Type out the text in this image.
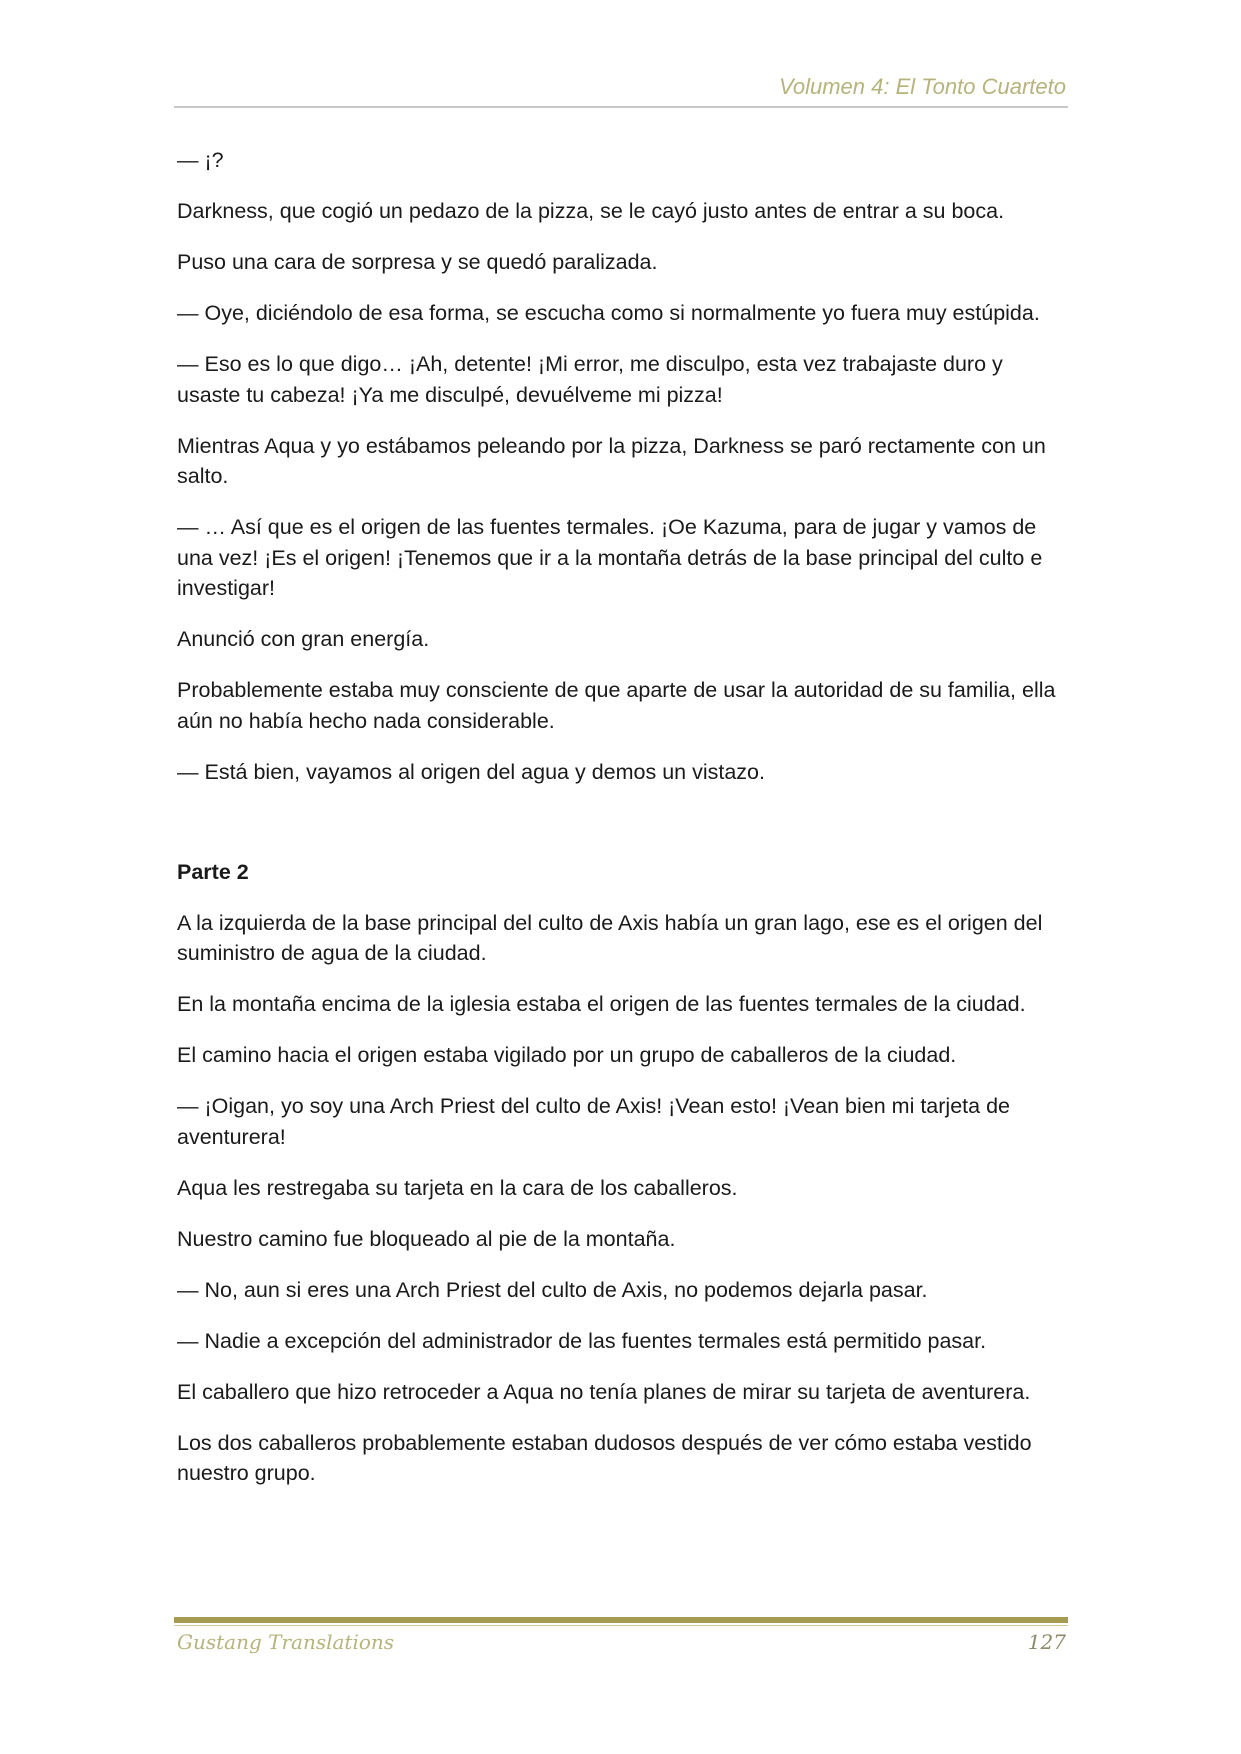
Volumen 4: El Tonto Cuarteto

— ¡?

Darkness, que cogió un pedazo de la pizza, se le cayó justo antes de entrar a su boca.

Puso una cara de sorpresa y se quedó paralizada.

— Oye, diciéndolo de esa forma, se escucha como si normalmente yo fuera muy estúpida.

— Eso es lo que digo… ¡Ah, detente! ¡Mi error, me disculpo, esta vez trabajaste duro y usaste tu cabeza! ¡Ya me disculpé, devuélveme mi pizza!

Mientras Aqua y yo estábamos peleando por la pizza, Darkness se paró rectamente con un salto.

— … Así que es el origen de las fuentes termales. ¡Oe Kazuma, para de jugar y vamos de una vez! ¡Es el origen! ¡Tenemos que ir a la montaña detrás de la base principal del culto e investigar!

Anunció con gran energía.

Probablemente estaba muy consciente de que aparte de usar la autoridad de su familia, ella aún no había hecho nada considerable.

— Está bien, vayamos al origen del agua y demos un vistazo.

Parte 2

A la izquierda de la base principal del culto de Axis había un gran lago, ese es el origen del suministro de agua de la ciudad.

En la montaña encima de la iglesia estaba el origen de las fuentes termales de la ciudad.

El camino hacia el origen estaba vigilado por un grupo de caballeros de la ciudad.

— ¡Oigan, yo soy una Arch Priest del culto de Axis! ¡Vean esto! ¡Vean bien mi tarjeta de aventurera!

Aqua les restregaba su tarjeta en la cara de los caballeros.

Nuestro camino fue bloqueado al pie de la montaña.

— No, aun si eres una Arch Priest del culto de Axis, no podemos dejarla pasar.

— Nadie a excepción del administrador de las fuentes termales está permitido pasar.

El caballero que hizo retroceder a Aqua no tenía planes de mirar su tarjeta de aventurera.

Los dos caballeros probablemente estaban dudosos después de ver cómo estaba vestido nuestro grupo.

Gustang Translations	127
